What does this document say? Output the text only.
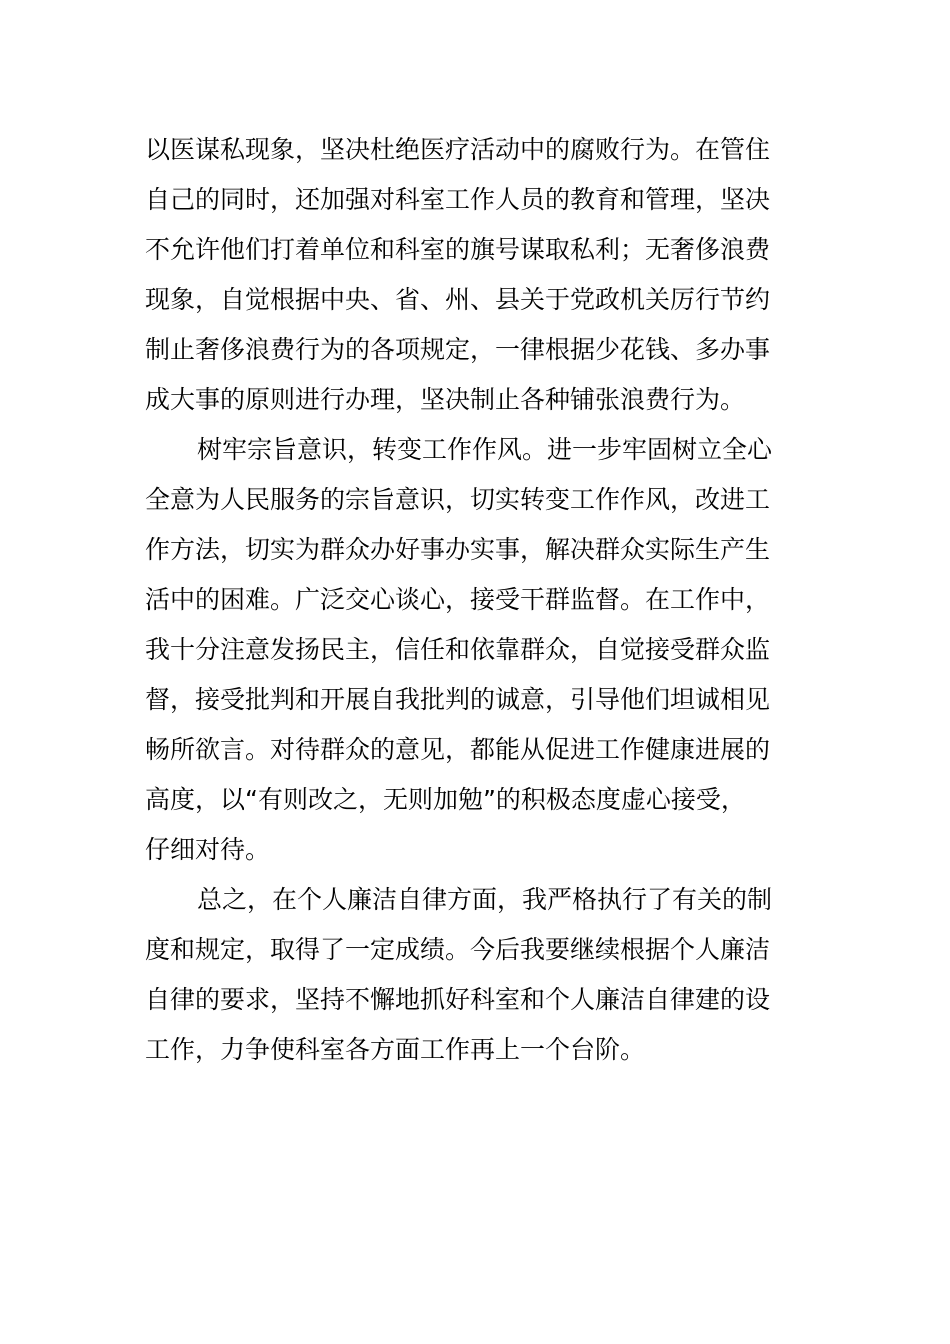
以医谋私现象，坚决杜绝医疗活动中的腐败行为。在管住
自己的同时，还加强对科室工作人员的教育和管理，坚决
不允许他们打着单位和科室的旗号谋取私利；无奢侈浪费
现象，自觉根据中央、省、州、县关于党政机关厉行节约
制止奢侈浪费行为的各项规定，一律根据少花钱、多办事
成大事的原则进行办理，坚决制止各种铺张浪费行为。
树牢宗旨意识，转变工作作风。进一步牢固树立全心
全意为人民服务的宗旨意识，切实转变工作作风，改进工
作方法，切实为群众办好事办实事，解决群众实际生产生
活中的困难。广泛交心谈心，接受干群监督。在工作中，
我十分注意发扬民主，信任和依靠群众，自觉接受群众监
督，接受批判和开展自我批判的诚意，引导他们坦诚相见
畅所欲言。对待群众的意见，都能从促进工作健康进展的
高度，以“有则改之，无则加勉”的积极态度虚心接受，
仔细对待。
总之，在个人廉洁自律方面，我严格执行了有关的制
度和规定，取得了一定成绩。今后我要继续根据个人廉洁
自律的要求，坚持不懈地抓好科室和个人廉洁自律建的设
工作，力争使科室各方面工作再上一个台阶。
